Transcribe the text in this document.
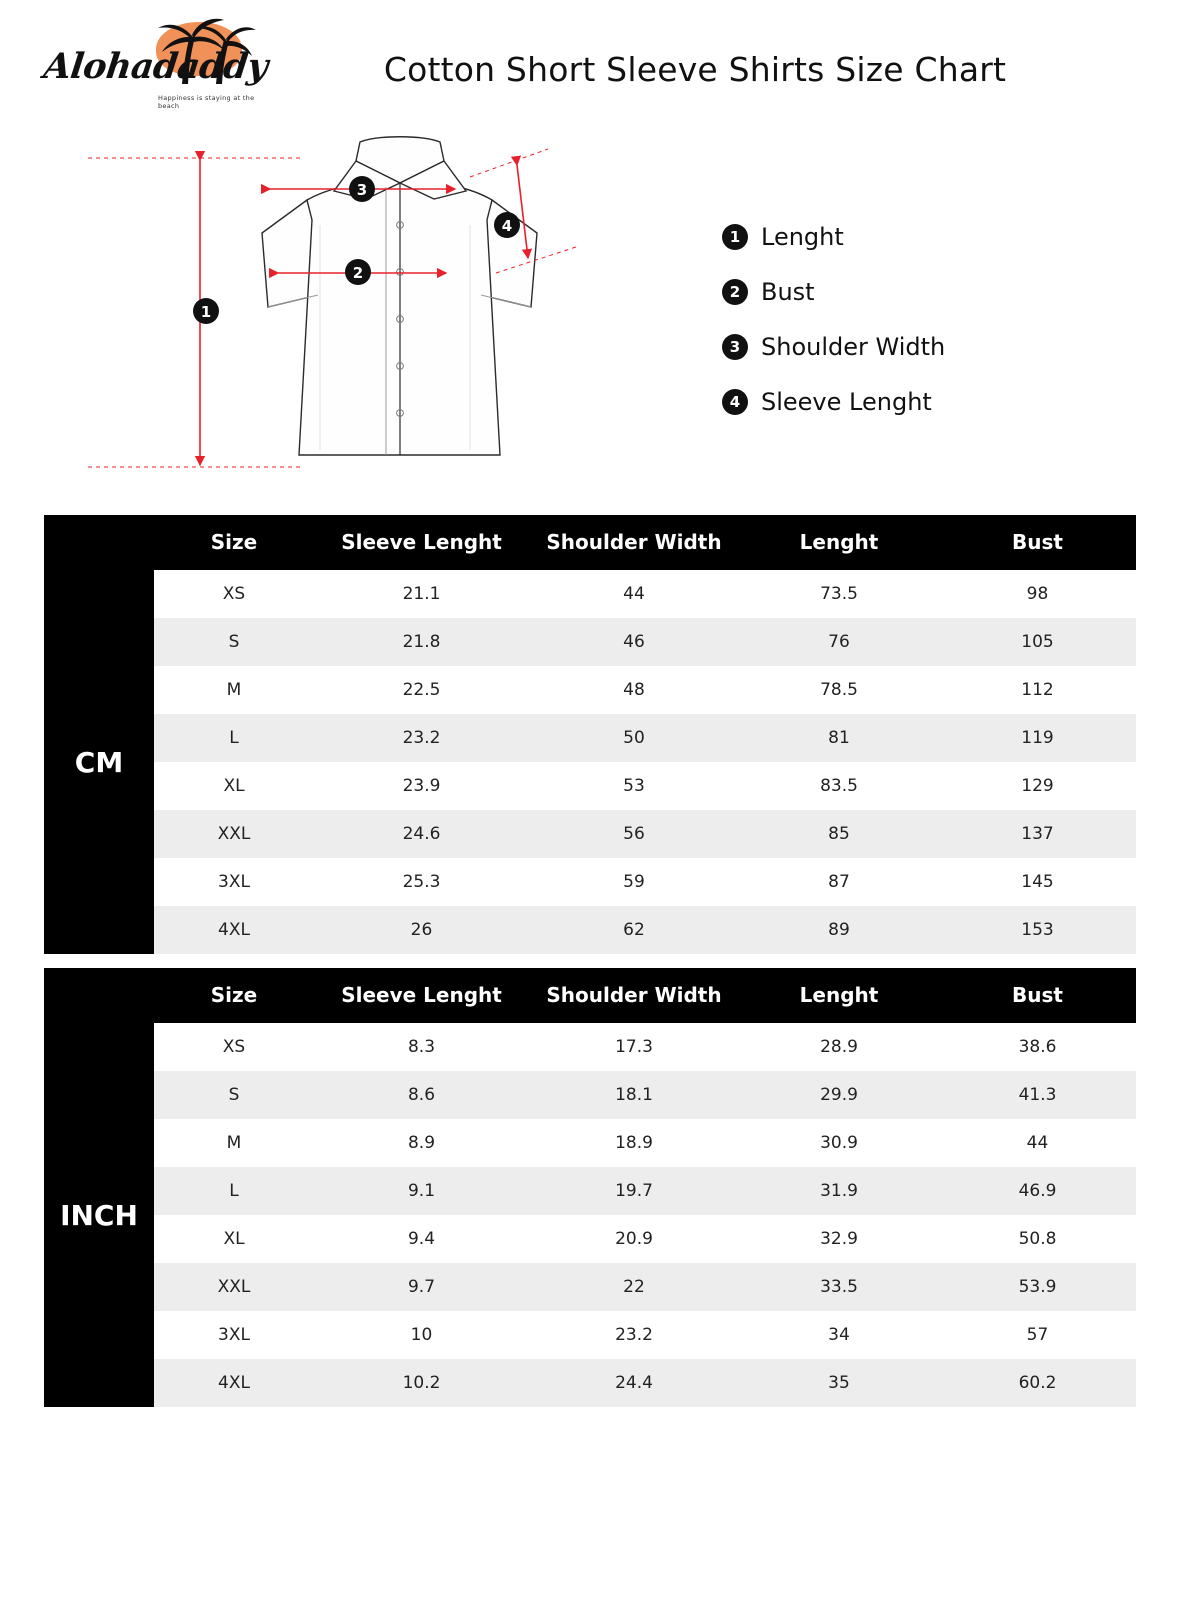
Alohadaddy
Happiness is staying at the beach
Cotton Short Sleeve Shirts Size Chart
1
2
3
4
1 Lenght
2 Bust
3 Shoulder Width
4 Sleeve Lenght
	Size	Sleeve Lenght	Shoulder Width	Lenght	Bust
CM	XS	21.1	44	73.5	98
	S	21.8	46	76	105
	M	22.5	48	78.5	112
	L	23.2	50	81	119
	XL	23.9	53	83.5	129
	XXL	24.6	56	85	137
	3XL	25.3	59	87	145
	4XL	26	62	89	153
	Size	Sleeve Lenght	Shoulder Width	Lenght	Bust
INCH	XS	8.3	17.3	28.9	38.6
	S	8.6	18.1	29.9	41.3
	M	8.9	18.9	30.9	44
	L	9.1	19.7	31.9	46.9
	XL	9.4	20.9	32.9	50.8
	XXL	9.7	22	33.5	53.9
	3XL	10	23.2	34	57
	4XL	10.2	24.4	35	60.2
